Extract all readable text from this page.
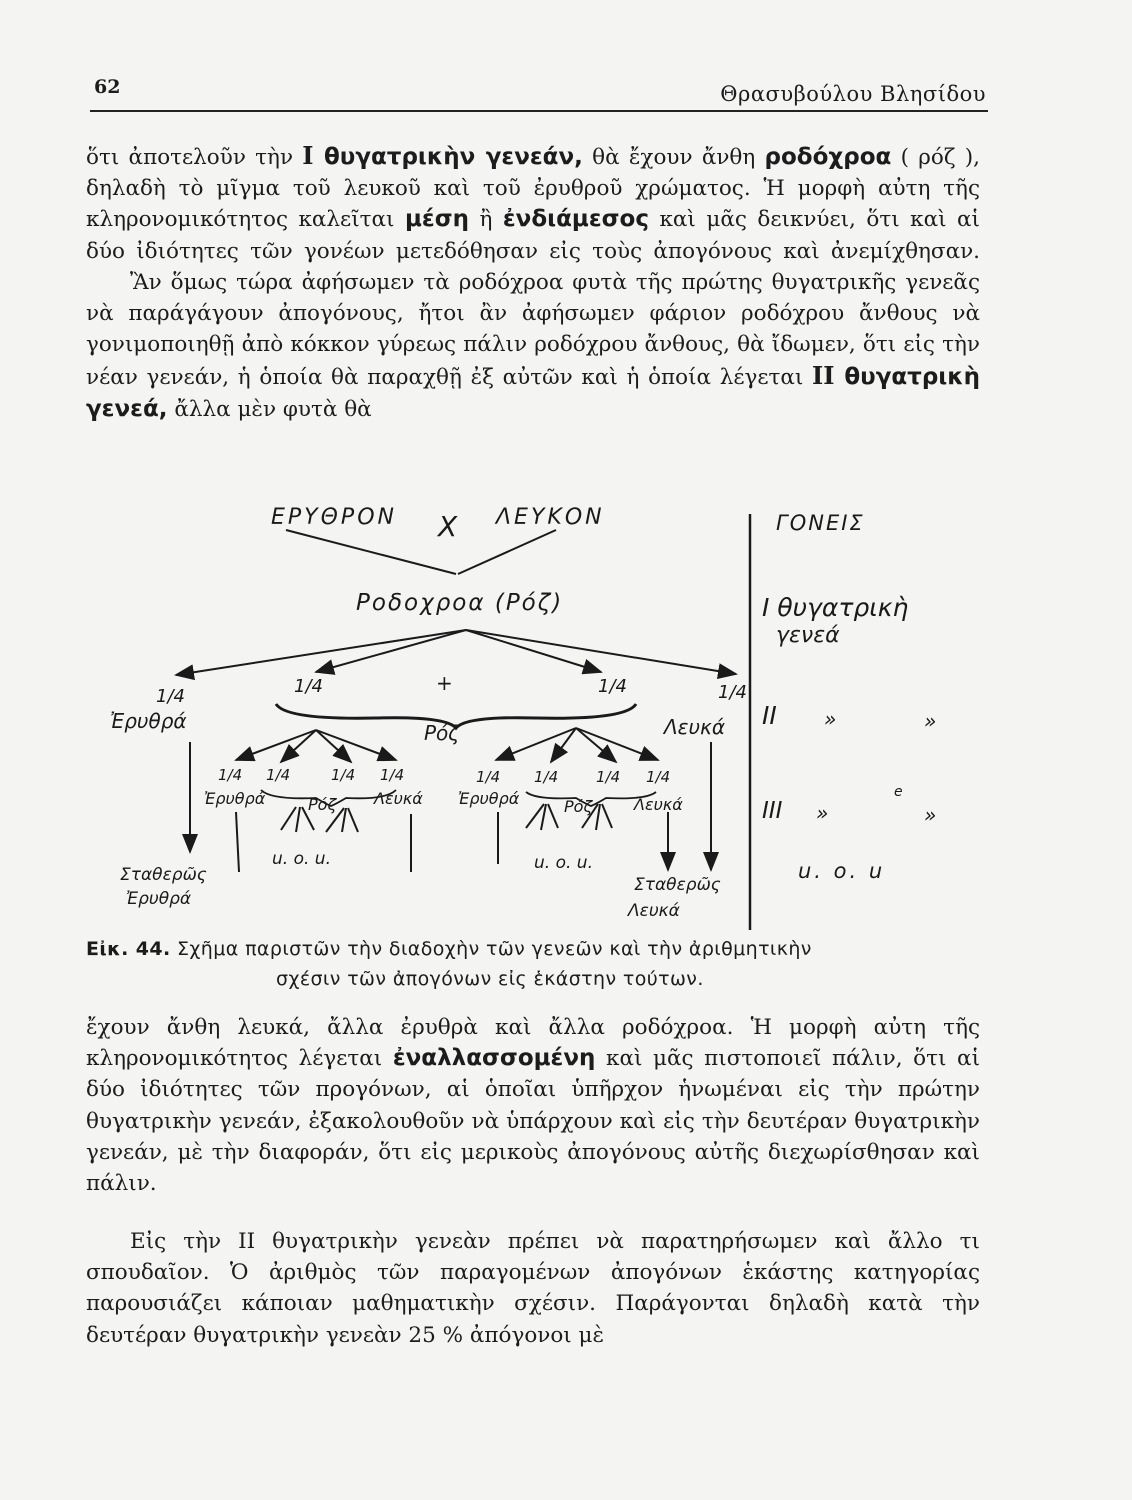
62	Θρασυβούλου Βλησίδου

ὅτι ἀποτελοῦν τὴν I θυγατρικὴν γενεάν, θὰ ἔχουν ἄνθη ροδόχροα ( ρόζ ), δηλαδὴ τὸ μῖγμα τοῦ λευκοῦ καὶ τοῦ ἐρυθροῦ χρώματος. Ἡ μορφὴ αὐτη τῆς κληρονομικότητος καλεῖται μέση ἢ ἐνδιάμεσος καὶ μᾶς δεικνύει, ὅτι καὶ αἱ δύο ἰδιότητες τῶν γονέων μετεδόθησαν εἰς τοὺς ἀπογόνους καὶ ἀνεμίχθησαν. Ἂν ὅμως τώρα ἀφήσωμεν τὰ ροδόχροα φυτὰ τῆς πρώτης θυγατρικῆς γενεᾶς νὰ παράγάγουν ἀπογόνους, ἤτοι ἂν ἀφήσωμεν φάριον ροδόχρου ἄνθους νὰ γονιμοποιηθῇ ἀπὸ κόκκον γύρεως πάλιν ροδόχρου ἄνθους, θὰ ἴδωμεν, ὅτι εἰς τὴν νέαν γενεάν, ἡ ὁποία θὰ παραχθῇ ἐξ αὐτῶν καὶ ἡ ὁποία λέγεται II θυγατρικὴ γενεά, ἄλλα μὲν φυτὰ θὰ

ΕΡΥΘΡΟΝ X ΛΕΥΚΟΝ
Ροδοχροα (Ρόζ)
+
1/4	1/4	1/4	1/4
Ἐρυθρά	Ρόζ	Λευκά
1/4 1/4	1/4 1/4
Ἐρυθρά	Ρόζ Λευκά
u. o. u.
1/4 1/4	1/4 1/4
Ἐρυθρά	Ρόζ	Λευκά
u. o. u.
Σταθερῶς
Ἐρυθρά
Σταθερῶς
Λευκά
ΓΟΝΕΙΣ
I θυγατρικὴ
γενεά
II »	»
III »
e
»
u. o. u
Εἰκ. 44. Σχῆμα παριστῶν τὴν διαδοχὴν τῶν γενεῶν καὶ τὴν ἀριθμητικὴν
σχέσιν τῶν ἀπογόνων εἰς ἑκάστην τούτων.

ἔχουν ἄνθη λευκά, ἄλλα ἐρυθρὰ καὶ ἄλλα ροδόχροα. Ἡ μορφὴ αὐτη τῆς κληρονομικότητος λέγεται ἐναλλασσομένη καὶ μᾶς πιστοποιεῖ πάλιν, ὅτι αἱ δύο ἰδιότητες τῶν προγόνων, αἱ ὁποῖαι ὑπῆρχον ἡνωμέναι εἰς τὴν πρώτην θυγατρικὴν γενεάν, ἐξακολουθοῦν νὰ ὑπάρχουν καὶ εἰς τὴν δευτέραν θυγατρικὴν γενεάν, μὲ τὴν διαφοράν, ὅτι εἰς μερικοὺς ἀπογόνους αὐτῆς διεχωρίσθησαν καὶ πάλιν.

Εἰς τὴν II θυγατρικὴν γενεὰν πρέπει νὰ παρατηρήσωμεν καὶ ἄλλο τι σπουδαῖον. Ὁ ἀριθμὸς τῶν παραγομένων ἀπογόνων ἑκάστης κατηγορίας παρουσιάζει κάποιαν μαθηματικὴν σχέσιν. Παράγονται δηλαδὴ κατὰ τὴν δευτέραν θυγατρικὴν γενεὰν 25 % ἀπόγονοι μὲ
